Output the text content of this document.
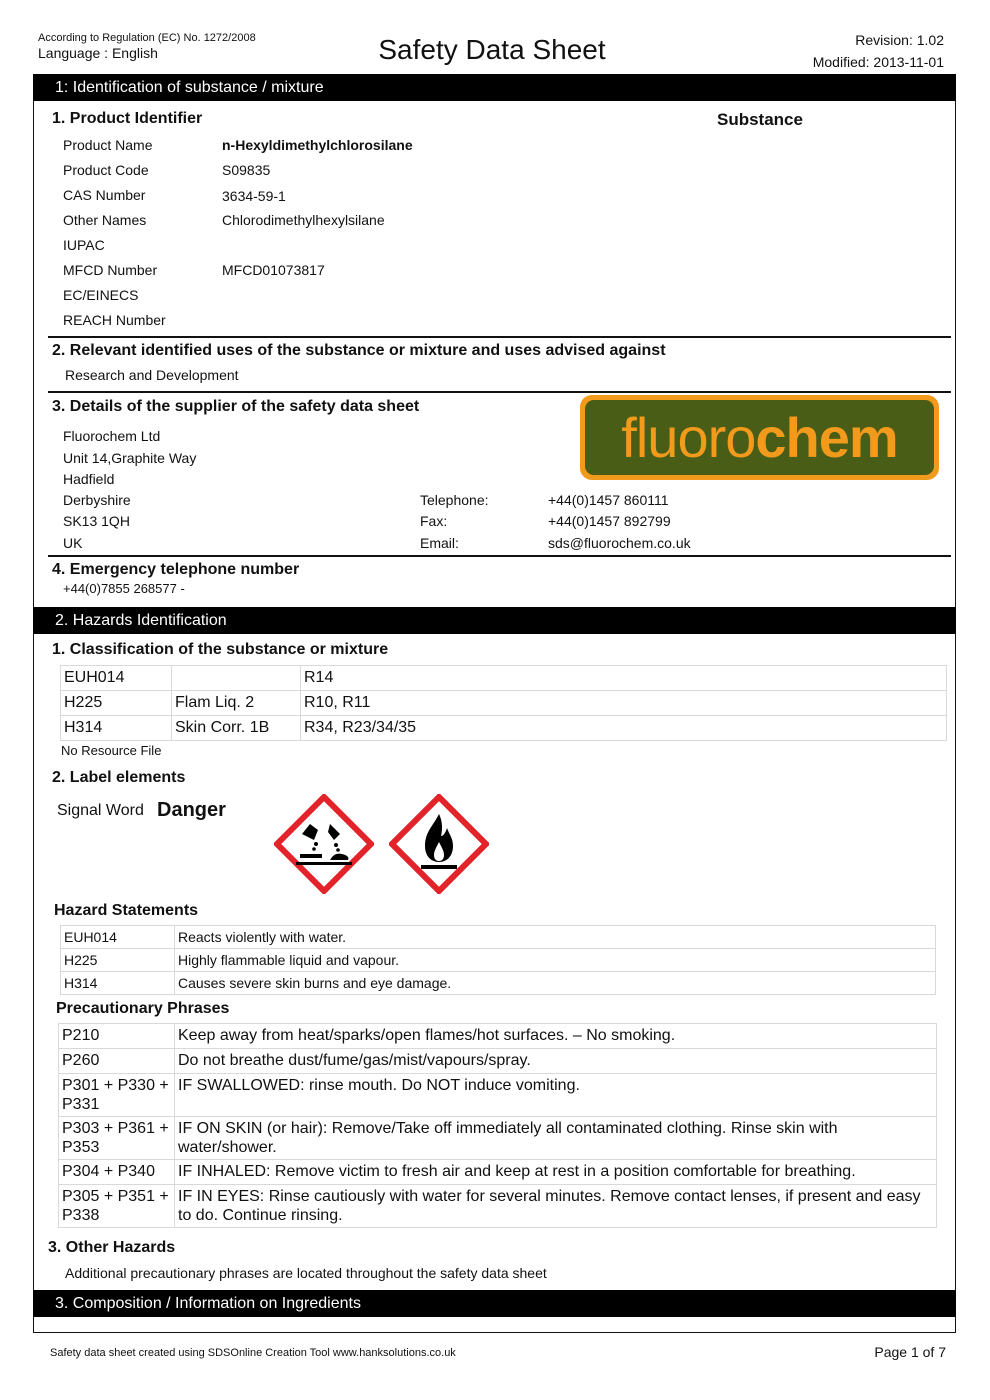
According to Regulation (EC) No. 1272/2008
Language : English	Safety Data Sheet	Revision: 1.02
Modified: 2013-11-01
1: Identification of substance / mixture
1. Product Identifier	Substance
Product Name	n-Hexyldimethylchlorosilane
Product Code	S09835
CAS Number	3634-59-1
Other Names	Chlorodimethylhexylsilane
IUPAC
MFCD Number	MFCD01073817
EC/EINECS
REACH Number
2. Relevant identified uses of the substance or mixture and uses advised against
Research and Development
3. Details of the supplier of the safety data sheet	fluoro chem
Fluorochem Ltd
Unit 14,Graphite Way
Hadfield
Derbyshire
SK13 1QH
UK
Telephone:	+44(0)1457 860111
Fax:	+44(0)1457 892799
Email:	sds@fluorochem.co.uk
4. Emergency telephone number
+44(0)7855 268577 -
2. Hazards Identification
1. Classification of the substance or mixture
EUH014		R14
H225	Flam Liq. 2	R10, R11
H314	Skin Corr. 1B	R34, R23/34/35
No Resource File
2. Label elements
Signal Word Danger
Hazard Statements
EUH014	Reacts violently with water.
H225	Highly flammable liquid and vapour.
H314	Causes severe skin burns and eye damage.
Precautionary Phrases
P210	Keep away from heat/sparks/open flames/hot surfaces. – No smoking.
P260	Do not breathe dust/fume/gas/mist/vapours/spray.
P301 + P330 + P331	IF SWALLOWED: rinse mouth. Do NOT induce vomiting.
P303 + P361 + P353	IF ON SKIN (or hair): Remove/Take off immediately all contaminated clothing. Rinse skin with water/shower.
P304 + P340	IF INHALED: Remove victim to fresh air and keep at rest in a position comfortable for breathing.
P305 + P351 + P338	IF IN EYES: Rinse cautiously with water for several minutes. Remove contact lenses, if present and easy to do. Continue rinsing.
3. Other Hazards
Additional precautionary phrases are located throughout the safety data sheet
3. Composition / Information on Ingredients
Safety data sheet created using SDSOnline Creation Tool www.hanksolutions.co.uk	Page 1 of 7
